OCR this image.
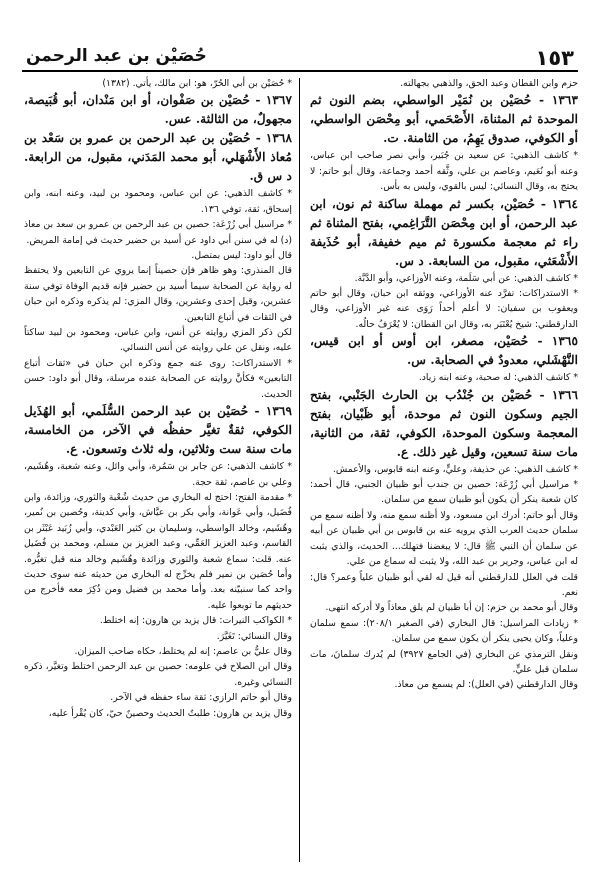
١٥٣
حُصَيْن بن عبد الرحمن

حزم وابن القطان وعبد الحق، والذهبي بجهالته.

١٣٦٣ - حُصَيْن بن نُمَيْر الواسطي، بضم النون ثم الموحدة ثم المثناة، الأَصْحَمي، أبو مِحْصَن الواسطي، أو الكوفي، صدوق يَهِمُ، من الثامنة. ت.

* كاشف الذهبي: عن سعيد بن جُبَير، وأبي نصر صاحب ابن عباس، وعنه أبو نُعَيم، وعاصم بن علي، وثَّقه أحمد وجماعة، وقال أبو حاتم: لا يحتج به، وقال النسائي: ليس بالقوي، وليس به بأس.

١٣٦٤ - حُصَيْن، بكسر ثم مهملة ساكنة ثم نون، ابن عبد الرحمن، أو ابن مِحْصَن التَّرَاغِمي، بفتح المثناة ثم راء ثم معجمة مكسورة ثم ميم خفيفة، أبو حُذَيفة الأَشْعَثي، مقبول، من السابعة. د س.

* كاشف الذهبي: عن أبي سَلَمة، وعنه الأوزاعي، وأبو الدَّبَّة.

* الاستدراكات: تفرَّد عنه الأوزاعي، ووثقه ابن حبان، وقال أبو حاتم ويعقوب بن سفيان: لا أعلم أحداً رَوَى عنه غير الأوزاعي، وقال الدارقطني: شيخ يُعْتَبَر به، وقال ابن القطان: لا يُعْرَفُ حالُه.

١٣٦٥ - حُصَيْن، مصغر، ابن أوس أو ابن قيس، النَّهْشَلي، معدودٌ في الصحابة. س.

* كاشف الذهبي: له صحبة، وعنه ابنه زياد.

١٣٦٦ - حُصَيْن بن جُنْدُب بن الحارث الجَنْبي، بفتح الجيم وسكون النون ثم موحدة، أبو ظَبْيان، بفتح المعجمة وسكون الموحدة، الكوفي، ثقة، من الثانية، مات سنة تسعين، وقيل غير ذلك. ع.

* كاشف الذهبي: عن حذيفة، وعليٍّ، وعنه ابنه قابوس، والأعمش.

* مراسيل أبي زُرْعَة: حصين بن جندب أبو ظبيان الجنبي، قال أحمد: كان شعبة ينكر أن يكون أبو ظبيان سمع من سلمان.

وقال أبو حاتم: أدرك ابن مسعود، ولا أظنه سمع منه، ولا أظنه سمع من سلمان حديث العرب الذي يرويه عنه بن قابوس بن أبي ظبيان عن أبيه عن سلمان أن النبي ﷺ قال: لا يبغضنا فتهلك... الحديث، والذي يثبت له ابن عباس، وجرير بن عبد الله، ولا يثبت له سماع من علي.

قلت في العلل للدارقطني أنه قيل له لقي أبو ظبيان علياً وعمر؟ قال: نعم.

وقال أبو محمد بن حزم: إن أبا ظبيان لم يلق معاذاً ولا أدركه انتهى.

* زيادات المراسيل: قال البخاري (في الصغير ٢٠٨/١): سمع سلمان وعلياً، وكان يحيى ينكر أن يكون سمع من سلمان.

ونقل الترمذي عن البخاري (في الجامع ٣٩٢٧) لم يُدرك سلمانَ، مات سلمان قبل عليٍّ.

وقال الدارقطني (في العلل): لم يسمع من معاذ.

* حُصَيْن بن أبي الحُرّ، هو: ابن مالك، يأتي. (١٣٨٢)

١٣٦٧ - حُصَيْن بن صَفْوان، أو ابن مَنْدان، أبو قُبَيصة، مجهولٌ، من الثالثة. عس.

١٣٦٨ - حُصَيْن بن عبد الرحمن بن عمرو بن سَعْد بن مُعاذ الأَشْهَلي، أبو محمد المَدَني، مقبول، من الرابعة. د س ق.

* كاشف الذهبي: عن ابن عباس، ومحمود بن لبيد، وعنه ابنه، وابن إسحاق، ثقة، توفي ١٣٦.

* مراسيل أبي زُرْعَة: حصين بن عبد الرحمن بن عمرو بن سعد بن معاذ (د) له في سنن أبي داود عن أسيد بن حضير حديث في إمامة المريض.

قال أبو داود: ليس بمتصل.

قال المنذري: وهو ظاهر فإن حصيناً إنما يروي عن التابعين ولا يحتفظ له رواية عن الصحابة سيما أسيد بن حضير فإنه قديم الوفاة توفي سنة عشرين، وقيل إحدى وعشرين، وقال المزي: لم يذكره وذكره ابن حبان في الثقات في أتباع التابعين.

لكن ذكر المزي روايته عن أنس، وابن عباس، ومحمود بن لبيد ساكتاً عليه، ونقل عن علي روايته عن أنس النسائي.

* الاستدراكات: روى عنه جمع وذكره ابن حبان في «ثقات أتباع التابعين» فكأنَّ روايته عن الصحابة عنده مرسلة، وقال أبو داود: حسن الحديث.

١٣٦٩ - حُصَيْن بن عبد الرحمن السُّلَمي، أبو الهُذَيل الكوفي، ثقةٌ تغيَّر حفظُه في الآخر، من الخامسة، مات سنة ست وثلاثين، وله ثلاث وتسعون. ع.

* كاشف الذهبي: عن جابر بن سَمُرة، وأبي وائل، وعنه شعبة، وهُشَيم، وعلي بن عاصم، ثقة حجة.

* مقدمة الفتح: احتج له البخاري من حديث شُعْبة والثوري، وزائدة، وابن فُضَيل، وأبي عَوانة، وأبي بكر بن عيَّاش، وأبي كدينة، وحُصين بن نُمير، وهُشَيم، وخالد الواسطي، وسليمان بن كثير العَبْدي، وأبي زُبَيد عَبْثَر بن القاسم، وعبد العزيز العَمِّي، وعبد العزيز بن مسلم، ومحمد بن فُضَيل عنه. قلت: سماع شعبة والثوري وزائدة وهُشَيم وخالد منه قبل تغيُّره. وأما حُصَين بن نمير فلم يخرِّج له البخاري من حديثه عنه سوى حديث واحد كما سنبيّنه بعد. وأما محمد بن فضيل ومن ذُكِرَ معه فأخرج من حديثهم ما توبعوا عليه.

* الكواكب النيرات: قال يزيد بن هارون: إنه اختلط.

وقال النسائي: تَغَيَّرَ.

وقال عليُّ بن عاصم: إنه لم يختلط، حكاه صاحب الميزان.

وقال ابن الصلاح في علومه: حصين بن عبد الرحمن اختلط وتغيَّر، ذكره النسائي وغيره.

وقال أبو حاتم الرازي: ثقة ساء حفظه في الآخر.

وقال يزيد بن هارون: طلبتُ الحديث وحصينٌ حيّ، كان يُقْرأ عليه،
